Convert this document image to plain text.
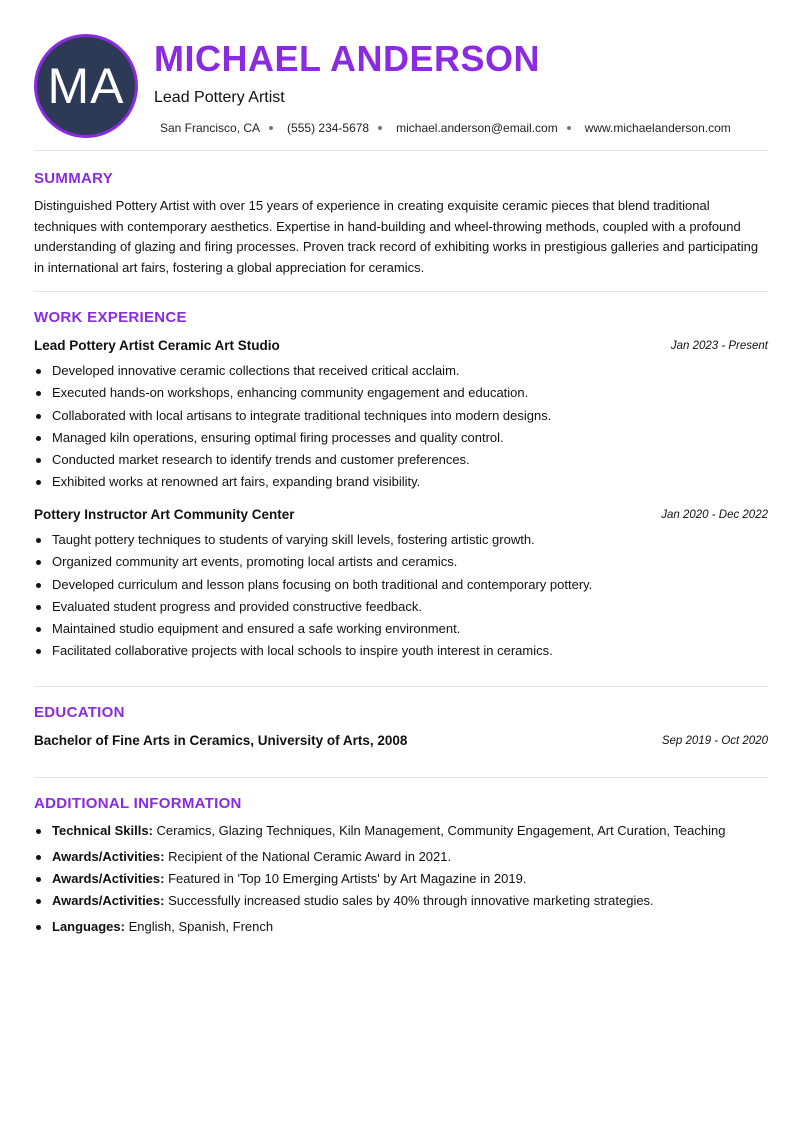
MA MICHAEL ANDERSON
Lead Pottery Artist
San Francisco, CA (555) 234-5678 michael.anderson@email.com www.michaelanderson.com
SUMMARY
Distinguished Pottery Artist with over 15 years of experience in creating exquisite ceramic pieces that blend traditional techniques with contemporary aesthetics. Expertise in hand-building and wheel-throwing methods, coupled with a profound understanding of glazing and firing processes. Proven track record of exhibiting works in prestigious galleries and participating in international art fairs, fostering a global appreciation for ceramics.
WORK EXPERIENCE
Lead Pottery Artist Ceramic Art Studio	Jan 2023 - Present
Developed innovative ceramic collections that received critical acclaim.
Executed hands-on workshops, enhancing community engagement and education.
Collaborated with local artisans to integrate traditional techniques into modern designs.
Managed kiln operations, ensuring optimal firing processes and quality control.
Conducted market research to identify trends and customer preferences.
Exhibited works at renowned art fairs, expanding brand visibility.
Pottery Instructor Art Community Center	Jan 2020 - Dec 2022
Taught pottery techniques to students of varying skill levels, fostering artistic growth.
Organized community art events, promoting local artists and ceramics.
Developed curriculum and lesson plans focusing on both traditional and contemporary pottery.
Evaluated student progress and provided constructive feedback.
Maintained studio equipment and ensured a safe working environment.
Facilitated collaborative projects with local schools to inspire youth interest in ceramics.
EDUCATION
Bachelor of Fine Arts in Ceramics, University of Arts, 2008	Sep 2019 - Oct 2020
ADDITIONAL INFORMATION
Technical Skills: Ceramics, Glazing Techniques, Kiln Management, Community Engagement, Art Curation, Teaching
Awards/Activities: Recipient of the National Ceramic Award in 2021.
Awards/Activities: Featured in 'Top 10 Emerging Artists' by Art Magazine in 2019.
Awards/Activities: Successfully increased studio sales by 40% through innovative marketing strategies.
Languages: English, Spanish, French
